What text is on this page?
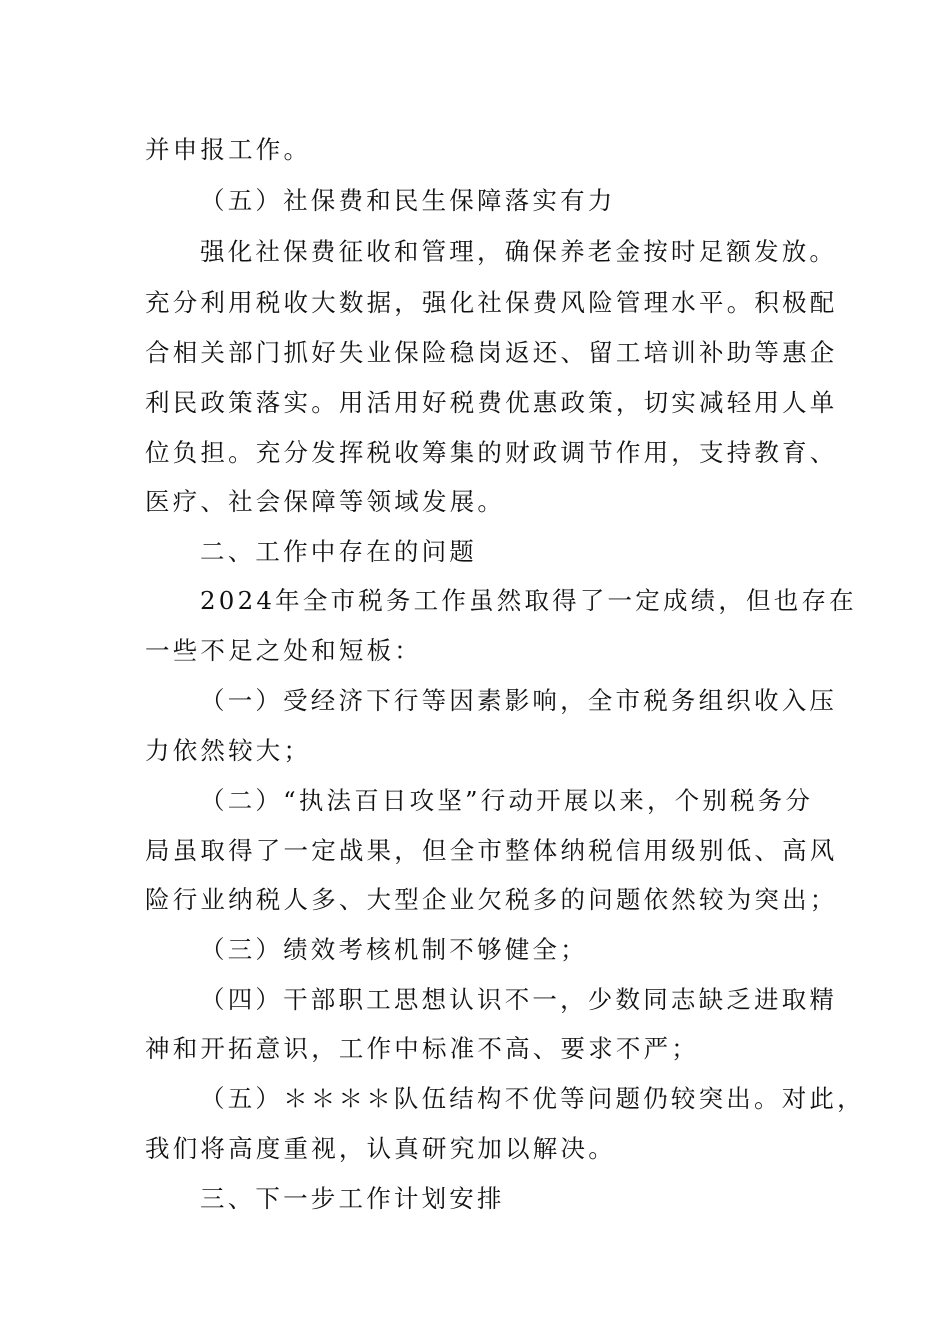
并申报工作。
（五）社保费和民生保障落实有力
强化社保费征收和管理，确保养老金按时足额发放。
充分利用税收大数据，强化社保费风险管理水平。积极配
合相关部门抓好失业保险稳岗返还、留工培训补助等惠企
利民政策落实。用活用好税费优惠政策，切实减轻用人单
位负担。充分发挥税收筹集的财政调节作用，支持教育、
医疗、社会保障等领域发展。
二、工作中存在的问题
2024年全市税务工作虽然取得了一定成绩，但也存在
一些不足之处和短板：
（一）受经济下行等因素影响，全市税务组织收入压
力依然较大；
（二）“执法百日攻坚”行动开展以来，个别税务分
局虽取得了一定战果，但全市整体纳税信用级别低、高风
险行业纳税人多、大型企业欠税多的问题依然较为突出；
（三）绩效考核机制不够健全；
（四）干部职工思想认识不一，少数同志缺乏进取精
神和开拓意识，工作中标准不高、要求不严；
（五）＊＊＊＊队伍结构不优等问题仍较突出。对此，
我们将高度重视，认真研究加以解决。
三、下一步工作计划安排
